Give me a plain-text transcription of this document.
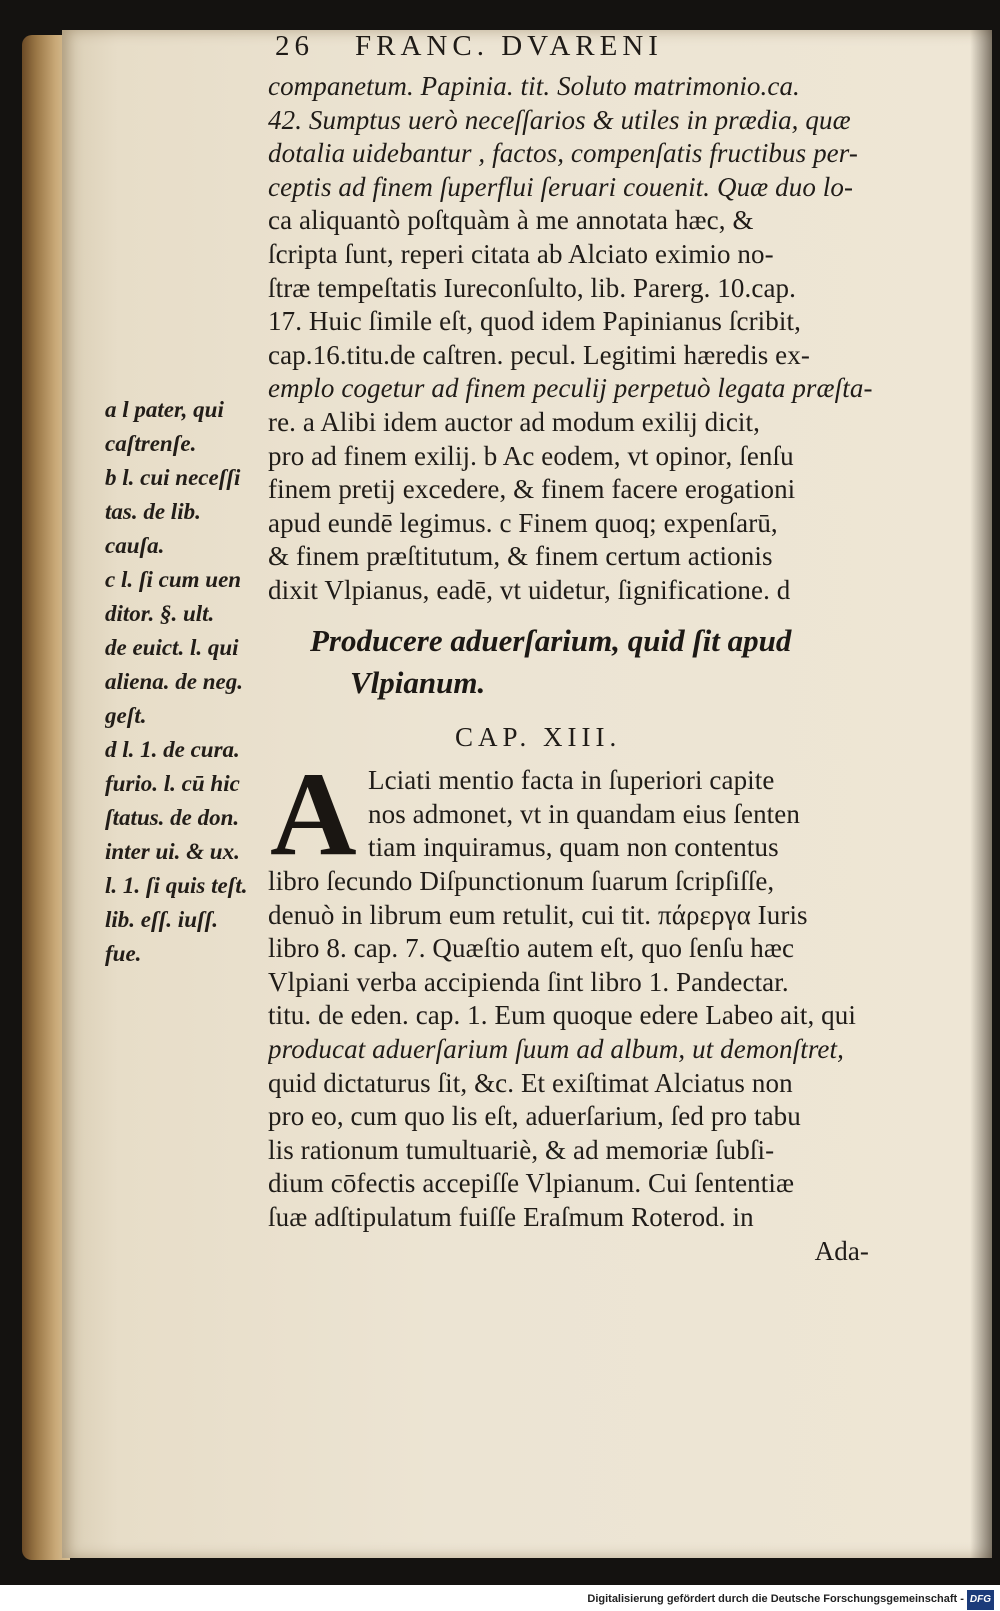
26 FRANC. DVARENI
companetum. Papinia. tit. Soluto matrimonio.ca.
42. Sumptus uerò neceſſarios & utiles in prædia, quæ
dotalia uidebantur , factos, compenſatis fructibus per-
ceptis ad finem ſuperflui ſeruari couenit. Quæ duo lo-
ca aliquantò poſtquàm à me annotata hæc, &
ſcripta ſunt, reperi citata ab Alciato eximio no-
ſtræ tempeſtatis Iureconſulto, lib. Parerg. 10.cap.
17. Huic ſimile eſt, quod idem Papinianus ſcribit,
cap.16.titu.de caſtren. pecul. Legitimi hæredis ex-
emplo cogetur ad finem peculij perpetuò legata præſta-
re. a Alibi idem auctor ad modum exilij dicit,
pro ad finem exilij. b Ac eodem, vt opinor, ſenſu
finem pretij excedere, & finem facere erogationi
apud eundē legimus. c Finem quoq; expenſarū,
& finem præſtitutum, & finem certum actionis
dixit Vlpianus, eadē, vt uidetur, ſignificatione. d
a l pater, qui
caſtrenſe.
b l. cui neceſſi
tas. de lib.
cauſa.
c l. ſi cum uen
ditor. §. ult.
de euict. l. qui
aliena. de neg.
geſt.
d l. 1. de cura.
furio. l. cū hic
ſtatus. de don.
inter ui. & ux.
l. 1. ſi quis teſt.
lib. eſſ. iuſſ.
fue.
Producere aduerſarium, quid ſit apud
Vlpianum.
CAP. XIII.
A Lciati mentio facta in ſuperiori capite
nos admonet, vt in quandam eius ſenten
tiam inquiramus, quam non contentus
libro ſecundo Diſpunctionum ſuarum ſcripſiſſe,
denuò in librum eum retulit, cui tit. πάρεργα Iuris
libro 8. cap. 7. Quæſtio autem eſt, quo ſenſu hæc
Vlpiani verba accipienda ſint libro 1. Pandectar.
titu. de eden. cap. 1. Eum quoque edere Labeo ait, qui
producat aduerſarium ſuum ad album, ut demonſtret,
quid dictaturus ſit, &c. Et exiſtimat Alciatus non
pro eo, cum quo lis eſt, aduerſarium, ſed pro tabu
lis rationum tumultuariè, & ad memoriæ ſubſi-
dium cōfectis accepiſſe Vlpianum. Cui ſententiæ
ſuæ adſtipulatum fuiſſe Eraſmum Roterod. in
Ada-
Digitalisierung gefördert durch die Deutsche Forschungsgemeinschaft - DFG
